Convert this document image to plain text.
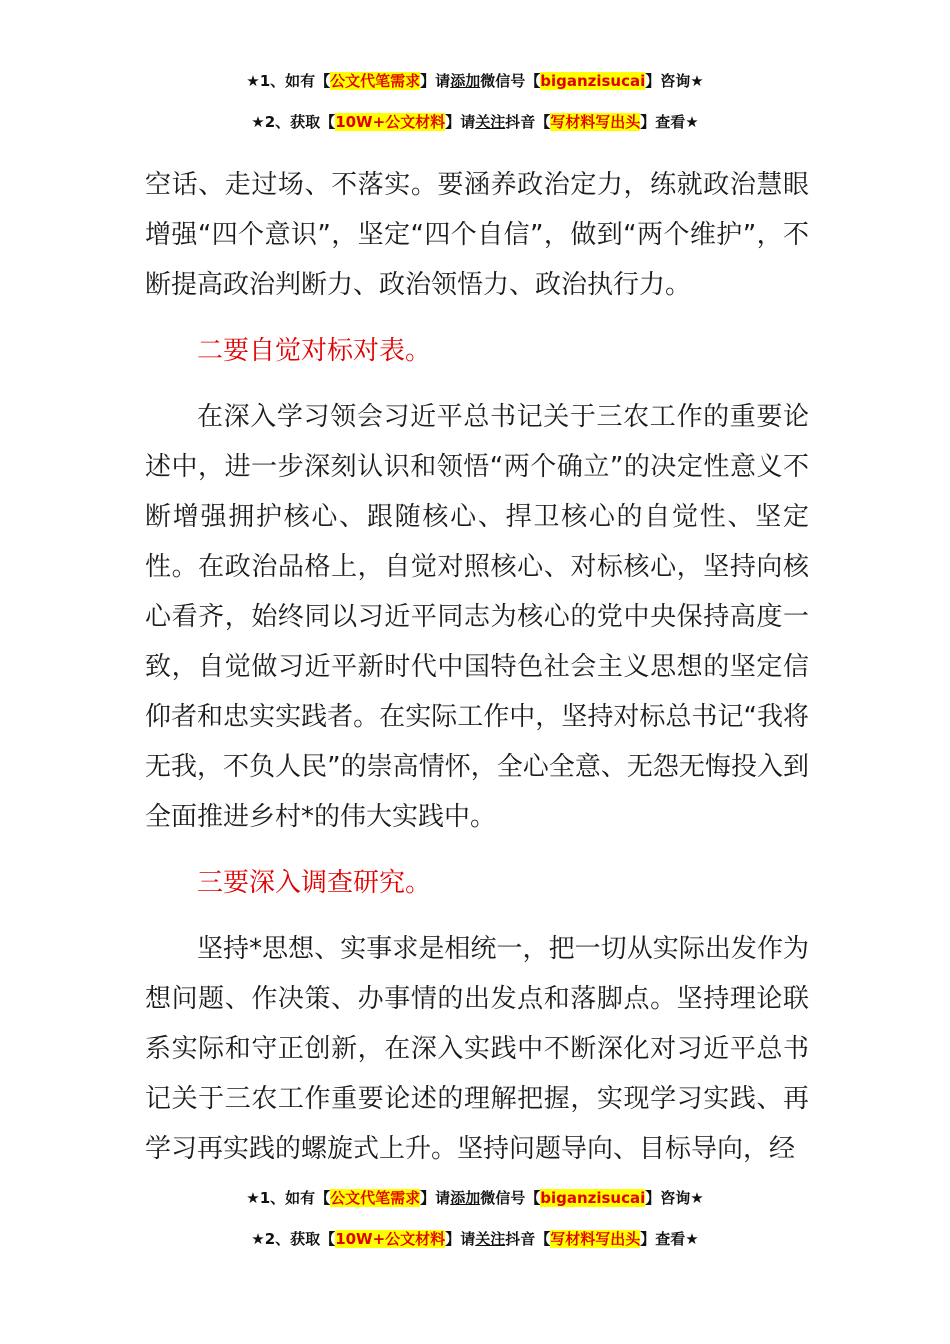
★1、如有【公文代笔需求】请添加微信号【biganzisucai】咨询★
★2、获取【10W+公文材料】请关注抖音【写材料写出头】查看★

空话、走过场、不落实。要涵养政治定力，练就政治慧眼增强“四个意识”，坚定“四个自信”，做到“两个维护”，不断提高政治判断力、政治领悟力、政治执行力。

二要自觉对标对表。

在深入学习领会习近平总书记关于三农工作的重要论述中，进一步深刻认识和领悟“两个确立”的决定性意义不断增强拥护核心、跟随核心、捍卫核心的自觉性、坚定性。在政治品格上，自觉对照核心、对标核心，坚持向核心看齐，始终同以习近平同志为核心的党中央保持高度一致，自觉做习近平新时代中国特色社会主义思想的坚定信仰者和忠实实践者。在实际工作中，坚持对标总书记“我将无我，不负人民”的崇高情怀，全心全意、无怨无悔投入到全面推进乡村*的伟大实践中。

三要深入调查研究。

坚持*思想、实事求是相统一，把一切从实际出发作为想问题、作决策、办事情的出发点和落脚点。坚持理论联系实际和守正创新，在深入实践中不断深化对习近平总书记关于三农工作重要论述的理解把握，实现学习实践、再学习再实践的螺旋式上升。坚持问题导向、目标导向，经

★1、如有【公文代笔需求】请添加微信号【biganzisucai】咨询★
★2、获取【10W+公文材料】请关注抖音【写材料写出头】查看★
